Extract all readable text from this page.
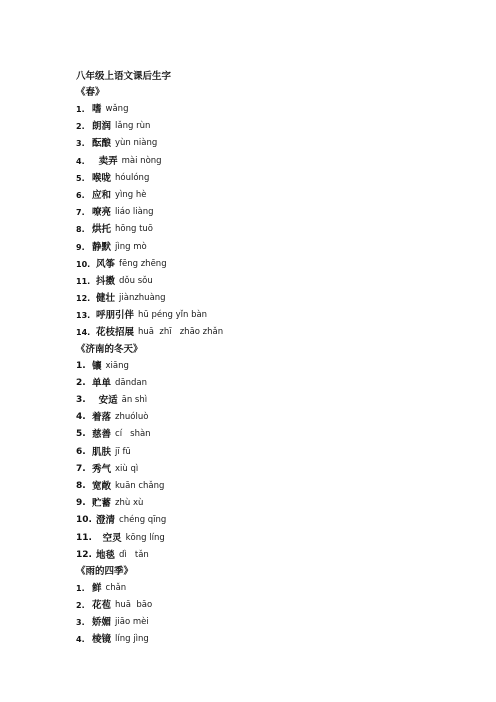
八年级上语文课后生字
《春》
1. 嗜 wǎng
2. 朗润 lǎng rùn
3. 酝酿 yùn niàng
4. 卖弄 mài nòng
5. 喉咙 hóulóng
6. 应和 yìng hè
7. 嘹亮 liáo liàng
8. 烘托 hōng tuō
9. 静默 jìng mò
10. 风筝 fēng zhēng
11. 抖擞 dǒu sǒu
12. 健壮 jiànzhuàng
13. 呼朋引伴 hū péng yǐn bàn
14. 花枝招展 huā  zhī   zhāo zhǎn
《济南的冬天》
1. 镶 xiāng
2. 单单 dāndan
3. 安适 ān shì
4. 着落 zhuóluò
5. 慈善 cí   shàn
6. 肌肤 jī fū
7. 秀气 xiù qì
8. 宽敞 kuān chǎng
9. 贮蓄 zhù xù
10. 澄清 chéng qīng
11. 空灵 kōng líng
12. 地毯 dì   tǎn
《雨的四季》
1. 鲜 chǎn
2. 花苞 huā  bāo
3. 娇媚 jiāo mèi
4. 棱镜 líng jìng
